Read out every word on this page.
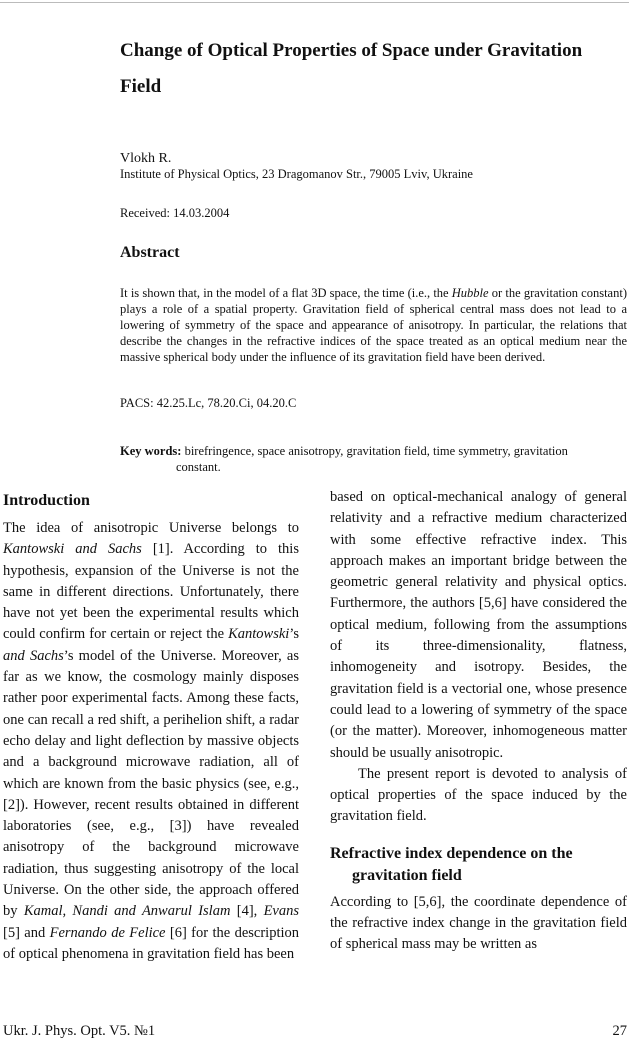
Change of Optical Properties of Space under Gravitation Field
Vlokh R.
Institute of Physical Optics, 23 Dragomanov Str., 79005 Lviv, Ukraine
Received: 14.03.2004
Abstract

It is shown that, in the model of a flat 3D space, the time (i.e., the Hubble or the gravitation constant) plays a role of a spatial property. Gravitation field of spherical central mass does not lead to a lowering of symmetry of the space and appearance of anisotropy. In particular, the relations that describe the changes in the refractive indices of the space treated as an optical medium near the massive spherical body under the influence of its gravitation field have been derived.

PACS: 42.25.Lc, 78.20.Ci, 04.20.C

Key words: birefringence, space anisotropy, gravitation field, time symmetry, gravitation
constant.

Introduction

The idea of anisotropic Universe belongs to Kantowski and Sachs [1]. According to this hypothesis, expansion of the Universe is not the same in different directions. Unfortunately, there have not yet been the experimental results which could confirm for certain or reject the Kantowski’s and Sachs’s model of the Universe. Moreover, as far as we know, the cosmology mainly disposes rather poor experimental facts. Among these facts, one can recall a red shift, a perihelion shift, a radar echo delay and light deflection by massive objects and a background microwave radiation, all of which are known from the basic physics (see, e.g., [2]). However, recent results obtained in different laboratories (see, e.g., [3]) have revealed anisotropy of the background microwave radiation, thus suggesting anisotropy of the local Universe. On the other side, the approach offered by Kamal, Nandi and Anwarul Islam [4], Evans [5] and Fernando de Felice [6] for the description of optical phenomena in gravitation field has been

based on optical-mechanical analogy of general relativity and a refractive medium characterized with some effective refractive index. This approach makes an important bridge between the geometric general relativity and physical optics. Furthermore, the authors [5,6] have considered the optical medium, following from the assumptions of its three-dimensionality, flatness, inhomogeneity and isotropy. Besides, the gravitation field is a vectorial one, whose presence could lead to a lowering of symmetry of the space (or the matter). Moreover, inhomogeneous matter should be usually anisotropic.

The present report is devoted to analysis of optical properties of the space induced by the gravitation field.

Refractive index dependence on the gravitation field

According to [5,6], the coordinate dependence of the refractive index change in the gravitation field of spherical mass may be written as

Ukr. J. Phys. Opt. V5. №1	27
